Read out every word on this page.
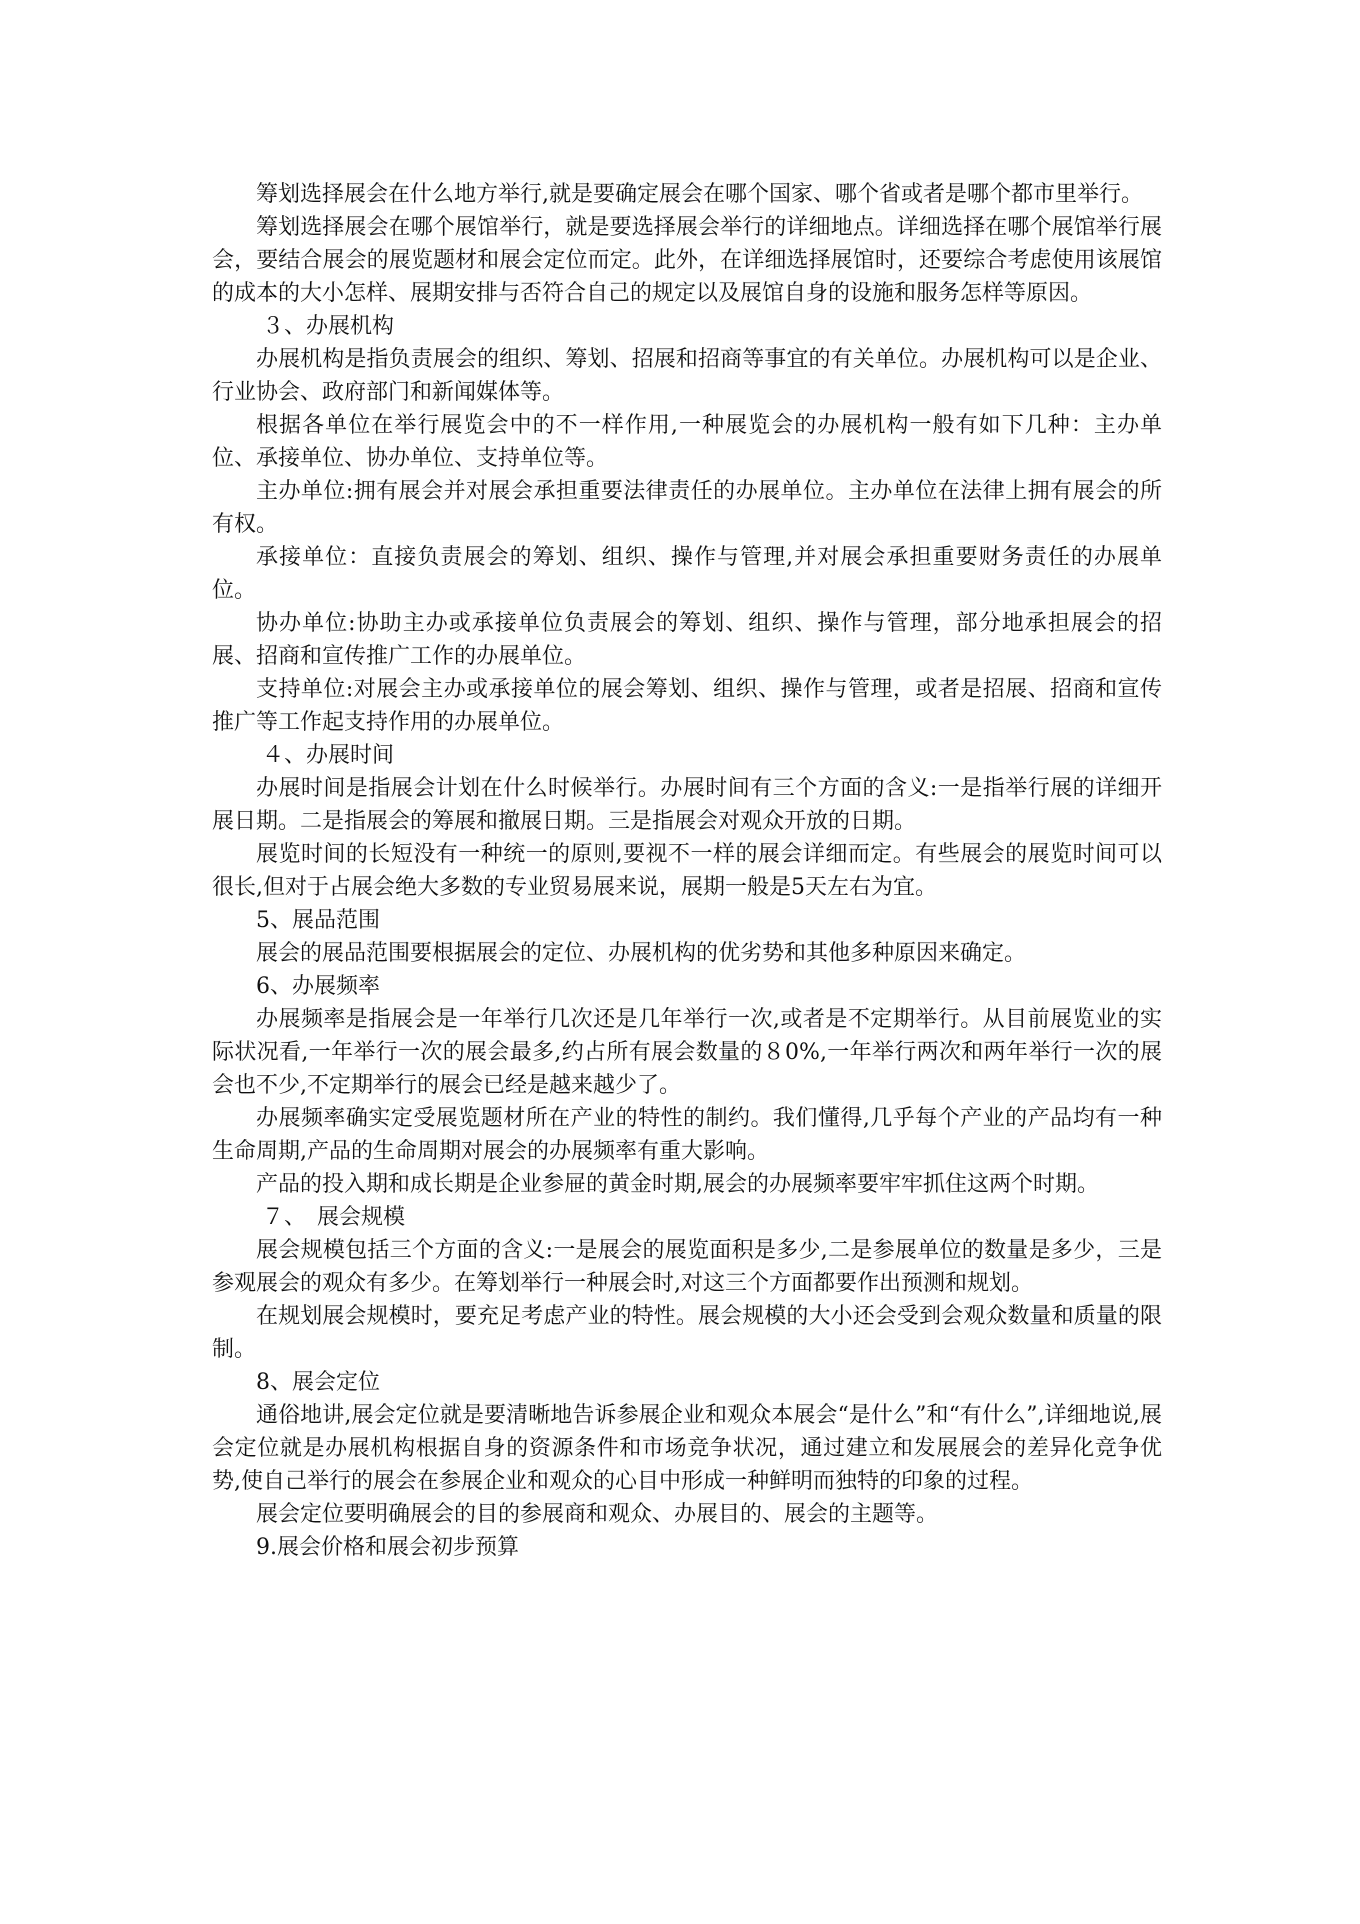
筹划选择展会在什么地方举行,就是要确定展会在哪个国家、哪个省或者是哪个都市里举行。

筹划选择展会在哪个展馆举行，就是要选择展会举行的详细地点。详细选择在哪个展馆举行展会，要结合展会的展览题材和展会定位而定。此外，在详细选择展馆时，还要综合考虑使用该展馆的成本的大小怎样、展期安排与否符合自己的规定以及展馆自身的设施和服务怎样等原因。

３、办展机构

办展机构是指负责展会的组织、筹划、招展和招商等事宜的有关单位。办展机构可以是企业、行业协会、政府部门和新闻媒体等。

根据各单位在举行展览会中的不一样作用,一种展览会的办展机构一般有如下几种：主办单位、承接单位、协办单位、支持单位等。

主办单位:拥有展会并对展会承担重要法律责任的办展单位。主办单位在法律上拥有展会的所有权。

承接单位：直接负责展会的筹划、组织、操作与管理,并对展会承担重要财务责任的办展单位。

协办单位:协助主办或承接单位负责展会的筹划、组织、操作与管理，部分地承担展会的招展、招商和宣传推广工作的办展单位。

支持单位:对展会主办或承接单位的展会筹划、组织、操作与管理，或者是招展、招商和宣传推广等工作起支持作用的办展单位。

４、办展时间

办展时间是指展会计划在什么时候举行。办展时间有三个方面的含义:一是指举行展的详细开展日期。二是指展会的筹展和撤展日期。三是指展会对观众开放的日期。

展览时间的长短没有一种统一的原则,要视不一样的展会详细而定。有些展会的展览时间可以很长,但对于占展会绝大多数的专业贸易展来说，展期一般是5天左右为宜。

5、展品范围

展会的展品范围要根据展会的定位、办展机构的优劣势和其他多种原因来确定。

6、办展频率

办展频率是指展会是一年举行几次还是几年举行一次,或者是不定期举行。从目前展览业的实际状况看,一年举行一次的展会最多,约占所有展会数量的８0%,一年举行两次和两年举行一次的展会也不少,不定期举行的展会已经是越来越少了。

办展频率确实定受展览题材所在产业的特性的制约。我们懂得,几乎每个产业的产品均有一种生命周期,产品的生命周期对展会的办展频率有重大影响。

产品的投入期和成长期是企业参屉的黄金时期,展会的办展频率要牢牢抓住这两个时期。

７、　展会规模

展会规模包括三个方面的含义:一是展会的展览面积是多少,二是参展单位的数量是多少，三是参观展会的观众有多少。在筹划举行一种展会时,对这三个方面都要作出预测和规划。

在规划展会规模时，要充足考虑产业的特性。展会规模的大小还会受到会观众数量和质量的限制。

8、展会定位

通俗地讲,展会定位就是要清晰地告诉参展企业和观众本展会“是什么”和“有什么”,详细地说,展会定位就是办展机构根据自身的资源条件和市场竞争状况，通过建立和发展展会的差异化竞争优势,使自己举行的展会在参展企业和观众的心目中形成一种鲜明而独特的印象的过程。

展会定位要明确展会的目的参展商和观众、办展目的、展会的主题等。

9.展会价格和展会初步预算
